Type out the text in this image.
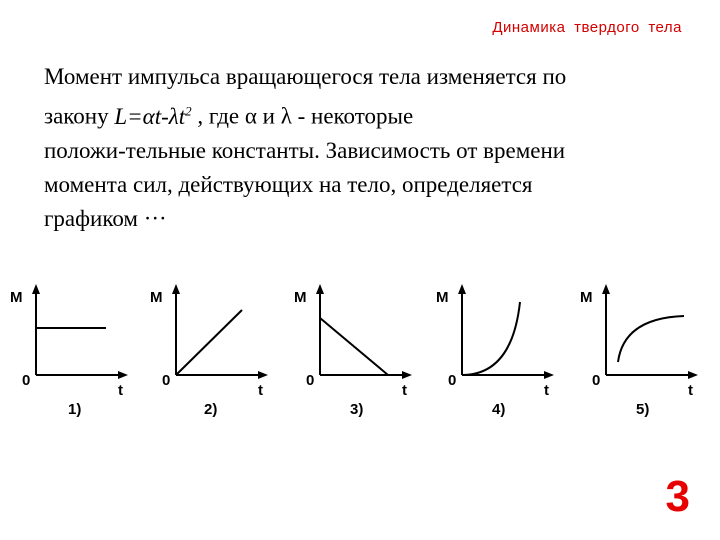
Динамика твердого тела
Момент импульса вращающегося тела изменяется по
закону $L=\alpha t-\lambda t^2$ , где α и λ - некоторые
положи-тельные константы. Зависимость от времени
момента сил, действующих на тело, определяется
графиком ···
M
t
0
1)
M
t
0
2)
M
t
0
3)
M
t
0
4)
M
t
0
5)
3
